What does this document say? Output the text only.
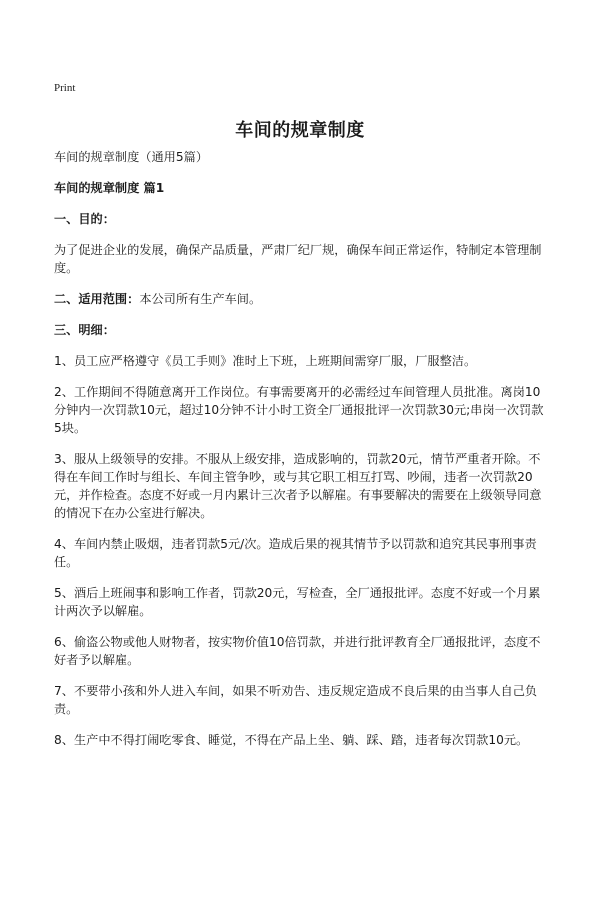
Print
车间的规章制度

车间的规章制度（通用5篇）

车间的规章制度 篇1

一、目的：

为了促进企业的发展，确保产品质量，严肃厂纪厂规，确保车间正常运作，特制定本管理制度。

二、适用范围：本公司所有生产车间。

三、明细：

1、员工应严格遵守《员工手则》准时上下班，上班期间需穿厂服，厂服整洁。

2、工作期间不得随意离开工作岗位。有事需要离开的必需经过车间管理人员批准。离岗10分钟内一次罚款10元，超过10分钟不计小时工资全厂通报批评一次罚款30元;串岗一次罚款5块。

3、服从上级领导的安排。不服从上级安排，造成影响的，罚款20元，情节严重者开除。不得在车间工作时与组长、车间主管争吵，或与其它职工相互打骂、吵闹，违者一次罚款20元，并作检查。态度不好或一月内累计三次者予以解雇。有事要解决的需要在上级领导同意的情况下在办公室进行解决。

4、车间内禁止吸烟，违者罚款5元/次。造成后果的视其情节予以罚款和追究其民事刑事责任。

5、酒后上班闹事和影响工作者，罚款20元，写检查，全厂通报批评。态度不好或一个月累计两次予以解雇。

6、偷盗公物或他人财物者，按实物价值10倍罚款，并进行批评教育全厂通报批评，态度不好者予以解雇。

7、不要带小孩和外人进入车间，如果不听劝告、违反规定造成不良后果的由当事人自己负责。

8、生产中不得打闹吃零食、睡觉，不得在产品上坐、躺、踩、踏，违者每次罚款10元。
